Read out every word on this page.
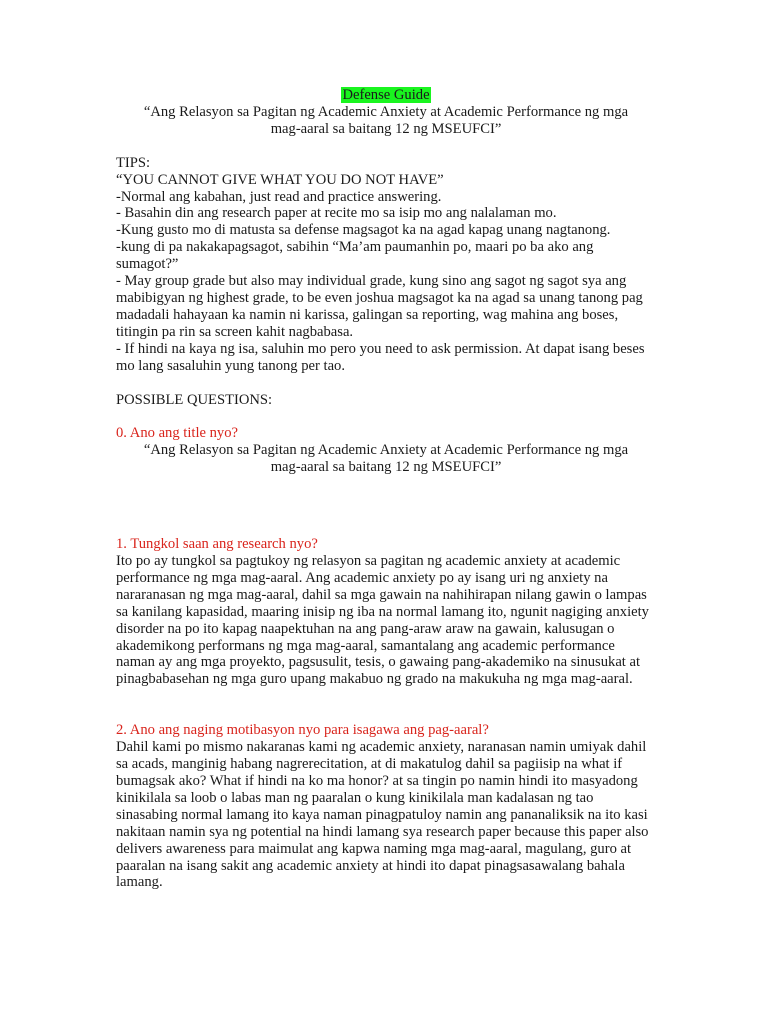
Defense Guide

“Ang Relasyon sa Pagitan ng Academic Anxiety at Academic Performance ng mga

mag-aaral sa baitang 12 ng MSEUFCI”

TIPS:

“YOU CANNOT GIVE WHAT YOU DO NOT HAVE”

-Normal ang kabahan, just read and practice answering.

- Basahin din ang research paper at recite mo sa isip mo ang nalalaman mo.

-Kung gusto mo di matusta sa defense magsagot ka na agad kapag unang nagtanong.

-kung di pa nakakapagsagot, sabihin “Ma’am paumanhin po, maari po ba ako ang sumagot?”

- May group grade but also may individual grade, kung sino ang sagot ng sagot sya ang mabibigyan ng highest grade, to be even joshua magsagot ka na agad sa unang tanong pag madadali hahayaan ka namin ni karissa, galingan sa reporting, wag mahina ang boses, titingin pa rin sa screen kahit nagbabasa.

- If hindi na kaya ng isa, saluhin mo pero you need to ask permission. At dapat isang beses mo lang sasaluhin yung tanong per tao.

POSSIBLE QUESTIONS:

0. Ano ang title nyo?

“Ang Relasyon sa Pagitan ng Academic Anxiety at Academic Performance ng mga

mag-aaral sa baitang 12 ng MSEUFCI”

1. Tungkol saan ang research nyo?

Ito po ay tungkol sa pagtukoy ng relasyon sa pagitan ng academic anxiety at academic performance ng mga mag-aaral. Ang academic anxiety po ay isang uri ng anxiety na nararanasan ng mga mag-aaral, dahil sa mga gawain na nahihirapan nilang gawin o lampas sa kanilang kapasidad, maaring inisip ng iba na normal lamang ito, ngunit nagiging anxiety disorder na po ito kapag naapektuhan na ang pang-araw araw na gawain, kalusugan o akademikong performans ng mga mag-aaral, samantalang ang academic performance naman ay ang mga proyekto, pagsusulit, tesis, o gawaing pang-akademiko na sinusukat at pinagbabasehan ng mga guro upang makabuo ng grado na makukuha ng mga mag-aaral.

2. Ano ang naging motibasyon nyo para isagawa ang pag-aaral?

Dahil kami po mismo nakaranas kami ng academic anxiety, naranasan namin umiyak dahil sa acads, manginig habang nagrerecitation, at di makatulog dahil sa pagiisip na what if bumagsak ako? What if hindi na ko ma honor? at sa tingin po namin hindi ito masyadong kinikilala sa loob o labas man ng paaralan o kung kinikilala man kadalasan ng tao sinasabing normal lamang ito kaya naman pinagpatuloy namin ang pananaliksik na ito kasi nakitaan namin sya ng potential na hindi lamang sya research paper because this paper also delivers awareness para maimulat ang kapwa naming mga mag-aaral, magulang, guro at paaralan na isang sakit ang academic anxiety at hindi ito dapat pinagsasawalang bahala lamang.
